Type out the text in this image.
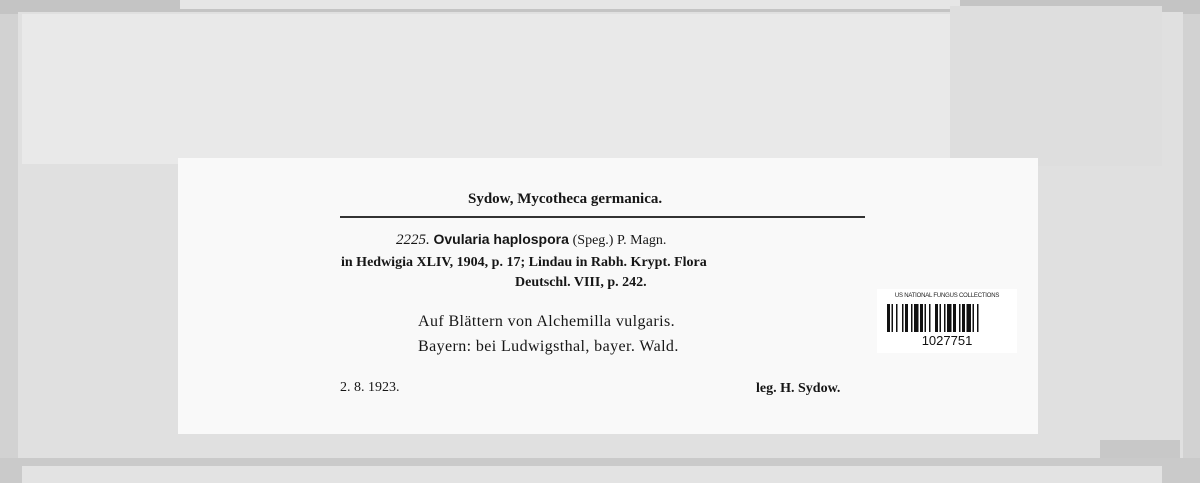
Sydow, Mycotheca germanica.
2225. Ovularia haplospora (Speg.) P. Magn.
in Hedwigia XLIV, 1904, p. 17; Lindau in Rabh. Krypt. Flora
Deutschl. VIII, p. 242.
Auf Blättern von Alchemilla vulgaris.
Bayern: bei Ludwigsthal, bayer. Wald.
2. 8. 1923.	leg. H. Sydow.
US NATIONAL FUNGUS COLLECTIONS
1027751
